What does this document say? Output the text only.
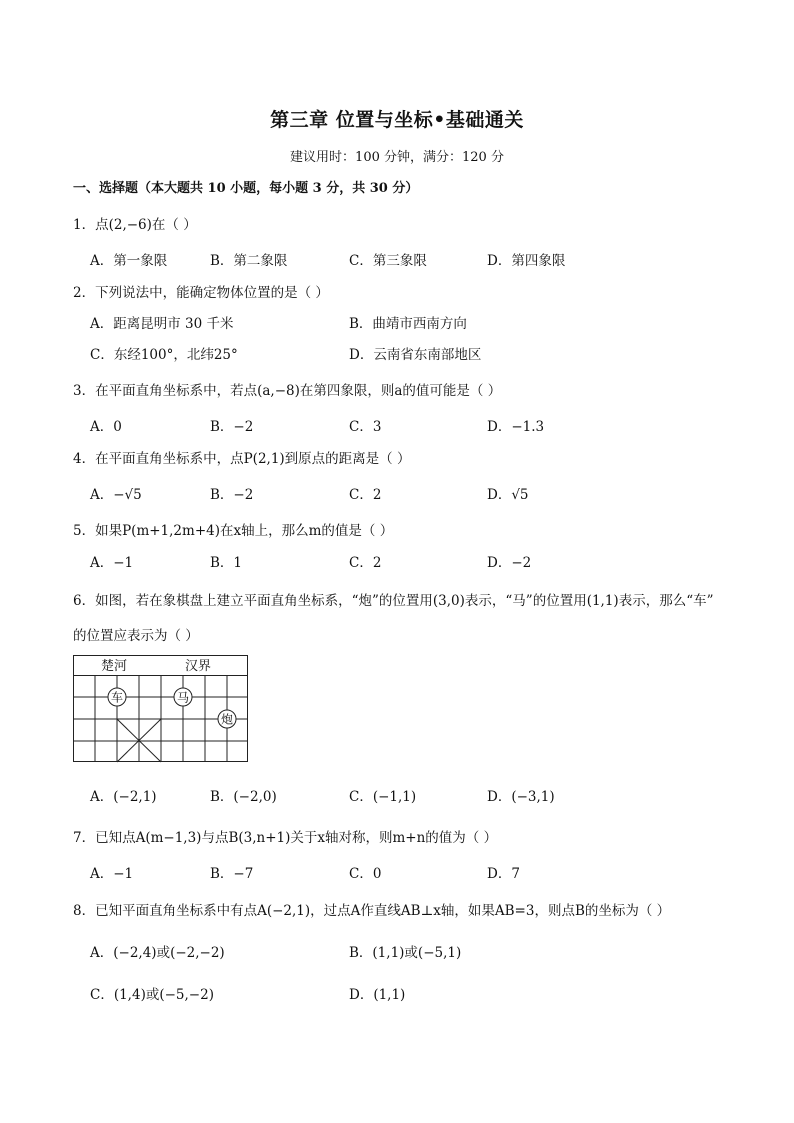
第三章 位置与坐标•基础通关
建议用时：100 分钟，满分：120 分
一、选择题（本大题共 10 小题，每小题 3 分，共 30 分）
1．点(2,−6)在（ ）
A．第一象限	B．第二象限	C．第三象限	D．第四象限
2．下列说法中，能确定物体位置的是（ ）
A．距离昆明市 30 千米	B．曲靖市西南方向
C．东经100°，北纬25°	D．云南省东南部地区
3．在平面直角坐标系中，若点(a,−8)在第四象限，则a的值可能是（ ）
A．0	B．−2	C．3	D．−1.3
4．在平面直角坐标系中，点P(2,1)到原点的距离是（ ）
A．−√5	B．−2	C．2	D．√5
5．如果P(m+1,2m+4)在x轴上，那么m的值是（ ）
A．−1	B．1	C．2	D．−2
6．如图，若在象棋盘上建立平面直角坐标系，“炮”的位置用(3,0)表示，“马”的位置用(1,1)表示，那么“车”
的位置应表示为（ ）
楚河	汉界
车	马
炮
A．(−2,1)	B．(−2,0)	C．(−1,1)	D．(−3,1)
7．已知点A(m−1,3)与点B(3,n+1)关于x轴对称，则m+n的值为（ ）
A．−1	B．−7	C．0	D．7
8．已知平面直角坐标系中有点A(−2,1)，过点A作直线AB⊥x轴，如果AB=3，则点B的坐标为（ ）
A．(−2,4)或(−2,−2)	B．(1,1)或(−5,1)
C．(1,4)或(−5,−2)	D．(1,1)
